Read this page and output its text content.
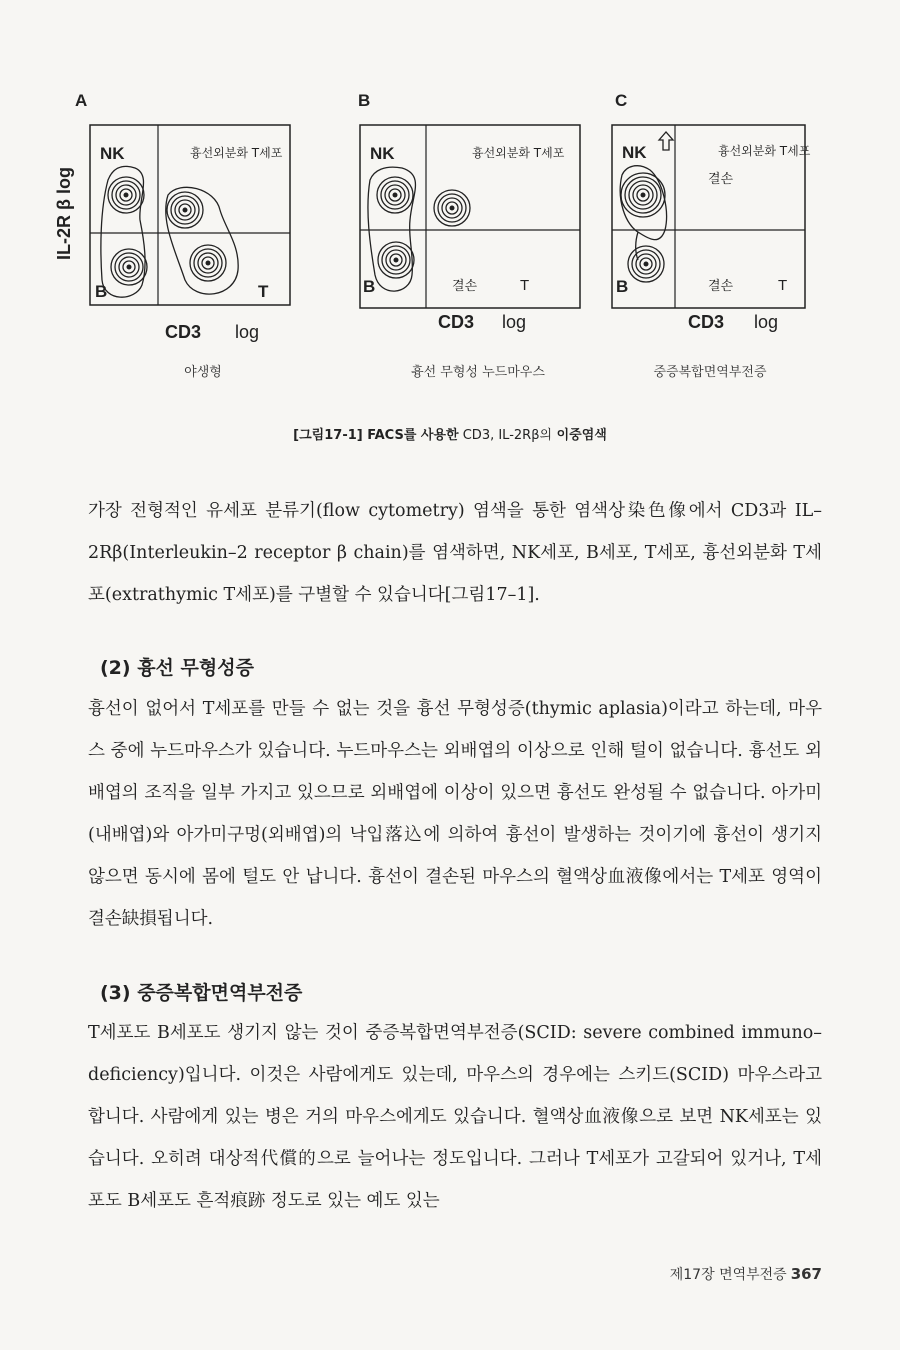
IL-2R β log
A
NK	흉선외분화 T세포
B	T
CD3 log
B
NK	흉선외분화 T세포
B	결손	T
CD3 log
C
NK	흉선외분화 T세포
결손
B	결손	T
CD3 log
야생형	흉선 무형성 누드마우스	중증복합면역부전증
[그림17-1] FACS를 사용한 CD3, IL-2Rβ의 이중염색

가장 전형적인 유세포 분류기(flow cytometry) 염색을 통한 염색상染色像에서 CD3과 IL–2Rβ(Interleukin–2 receptor β chain)를 염색하면, NK세포, B세포, T세포, 흉선외분화 T세포(extrathymic T세포)를 구별할 수 있습니다[그림17–1].

(2) 흉선 무형성증

흉선이 없어서 T세포를 만들 수 없는 것을 흉선 무형성증(thymic aplasia)이라고 하는데, 마우스 중에 누드마우스가 있습니다. 누드마우스는 외배엽의 이상으로 인해 털이 없습니다. 흉선도 외배엽의 조직을 일부 가지고 있으므로 외배엽에 이상이 있으면 흉선도 완성될 수 없습니다. 아가미(내배엽)와 아가미구멍(외배엽)의 낙입落込에 의하여 흉선이 발생하는 것이기에 흉선이 생기지 않으면 동시에 몸에 털도 안 납니다. 흉선이 결손된 마우스의 혈액상血液像에서는 T세포 영역이 결손缺損됩니다.

(3) 중증복합면역부전증

T세포도 B세포도 생기지 않는 것이 중증복합면역부전증(SCID: severe combined immuno–deficiency)입니다. 이것은 사람에게도 있는데, 마우스의 경우에는 스키드(SCID) 마우스라고 합니다. 사람에게 있는 병은 거의 마우스에게도 있습니다. 혈액상血液像으로 보면 NK세포는 있습니다. 오히려 대상적代償的으로 늘어나는 정도입니다. 그러나 T세포가 고갈되어 있거나, T세포도 B세포도 흔적痕跡 정도로 있는 예도 있는

제17장 면역부전증 367
